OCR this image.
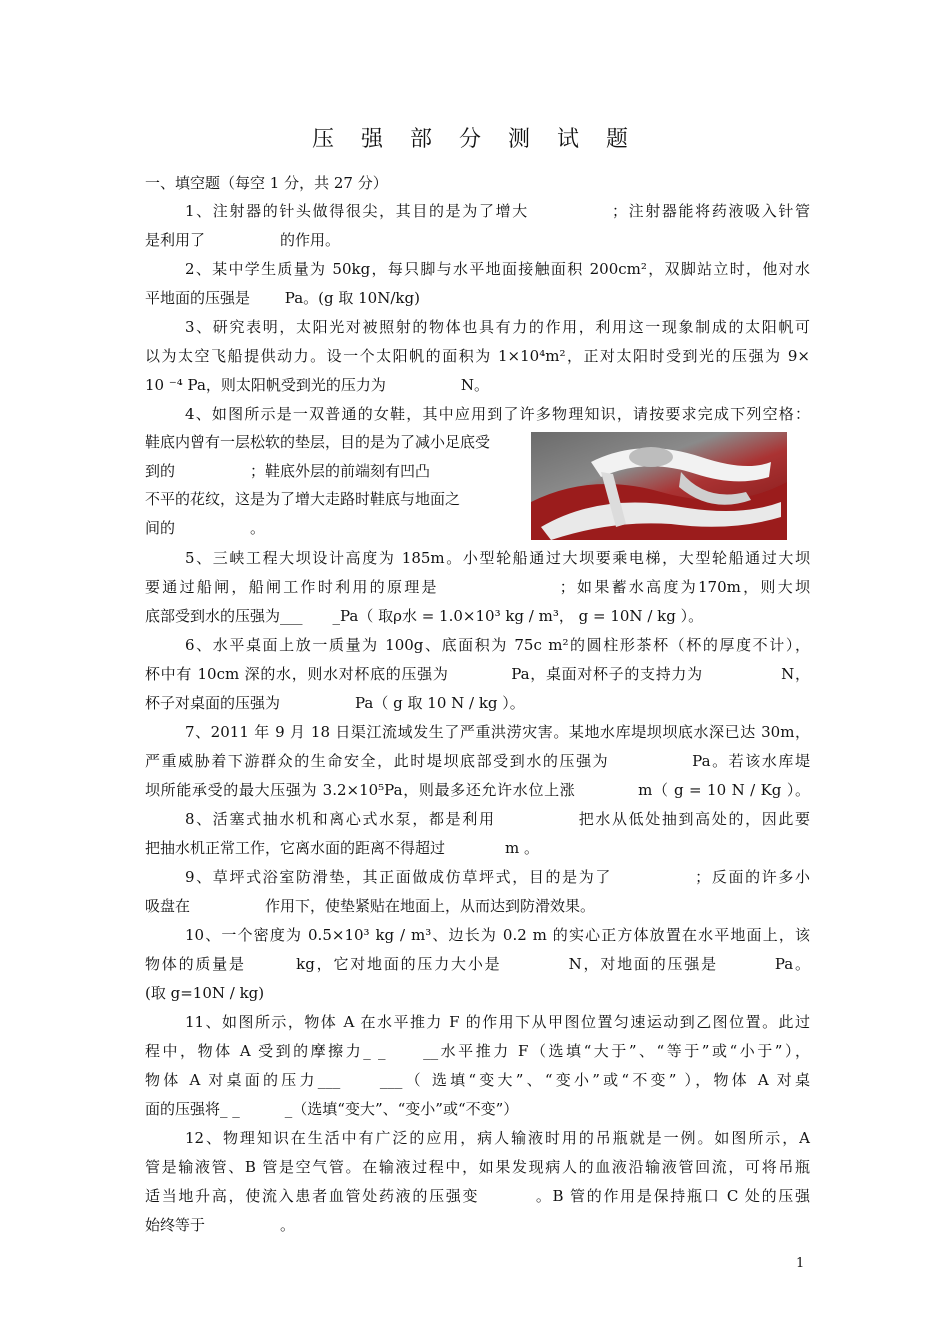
压 强 部 分 测 试 题
一、填空题（每空 1 分，共 27 分）
1、注射器的针头做得很尖，其目的是为了增大　　　　　；注射器能将药液吸入针管
是利用了　　　　　的作用。
2、某中学生质量为 50kg，每只脚与水平地面接触面积 200cm²，双脚站立时，他对水
平地面的压强是　　 Pa。(g 取 10N/kg)
3、研究表明，太阳光对被照射的物体也具有力的作用，利用这一现象制成的太阳帆可
以为太空飞船提供动力。设一个太阳帆的面积为 1×10⁴m²，正对太阳时受到光的压强为 9×
10 ⁻⁴ Pa，则太阳帆受到光的压力为　　　　　N。
4、如图所示是一双普通的女鞋，其中应用到了许多物理知识，请按要求完成下列空格：
鞋底内曾有一层松软的垫层，目的是为了减小足底受
到的　　　　　；鞋底外层的前端刻有凹凸
不平的花纹，这是为了增大走路时鞋底与地面之
间的　　　　　。
5、三峡工程大坝设计高度为 185m。小型轮船通过大坝要乘电梯，大型轮船通过大坝
要通过船闸，船闸工作时利用的原理是　　　　　　　；如果蓄水高度为170m，则大坝
底部受到水的压强为___　　_Pa（ 取ρ水 = 1.0×10³ kg / m³， g = 10N / kg ）。
6、水平桌面上放一质量为 100g、底面积为 75c m²的圆柱形茶杯（杯的厚度不计），
杯中有 10cm 深的水，则水对杯底的压强为　　　　Pa，桌面对杯子的支持力为　　　　　N，
杯子对桌面的压强为　　　　　Pa（ g 取 10 N / kg ）。
7、2011 年 9 月 18 日渠江流域发生了严重洪涝灾害。某地水库堤坝坝底水深已达 30m，
严重威胁着下游群众的生命安全，此时堤坝底部受到水的压强为　　　　　Pa。若该水库堤
坝所能承受的最大压强为 3.2×10⁵Pa，则最多还允许水位上涨　　　　m（ g = 10 N / Kg ）。
8、活塞式抽水机和离心式水泵，都是利用　　　　　把水从低处抽到高处的，因此要
把抽水机正常工作，它离水面的距离不得超过　　　　m 。
9、草坪式浴室防滑垫，其正面做成仿草坪式，目的是为了　　　　　；反面的许多小
吸盘在　　　　　作用下，使垫紧贴在地面上，从而达到防滑效果。
10、一个密度为 0.5×10³ kg / m³、边长为 0.2 m 的实心正方体放置在水平地面上，该
物体的质量是　　　kg，它对地面的压力大小是　　　　N，对地面的压强是　　　 Pa。
(取 g=10N / kg)
11、如图所示，物体 A 在水平推力 F 的作用下从甲图位置匀速运动到乙图位置。此过
程中，物体 A 受到的摩擦力_ _　　__水平推力 F（选填“大于”、“等于”或“小于”），
物体 A 对桌面的压力___　　___（ 选填“变大”、“变小”或“不变” ），物体 A 对桌
面的压强将_ _　　　_（选填“变大”、“变小”或“不变”）
12、物理知识在生活中有广泛的应用，病人输液时用的吊瓶就是一例。如图所示，A
管是输液管、B 管是空气管。在输液过程中，如果发现病人的血液沿输液管回流，可将吊瓶
适当地升高，使流入患者血管处药液的压强变　　　 。B 管的作用是保持瓶口 C 处的压强
始终等于　　　　　。
1
